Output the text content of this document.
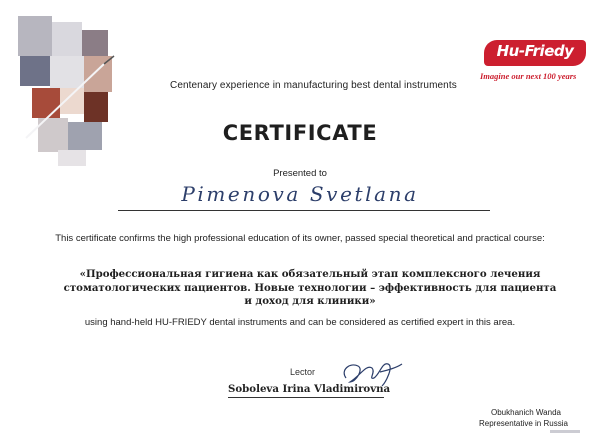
Centenary experience in manufacturing best dental instruments
Hu-Friedy
Imagine our next 100 years
CERTIFICATE
Presented to
Pimenova Svetlana
This certificate confirms the high professional education of its owner, passed special theoretical and practical course:
«Профессиональная гигиена как обязательный этап комплексного лечения
стоматологических пациентов. Новые технологии – эффективность для пациента
и доход для клиники»
using hand-held HU-FRIEDY dental instruments and can be considered as certified expert in this area.
Lector
Soboleva Irina Vladimirovna
Obukhanich Wanda
Representative in Russia
